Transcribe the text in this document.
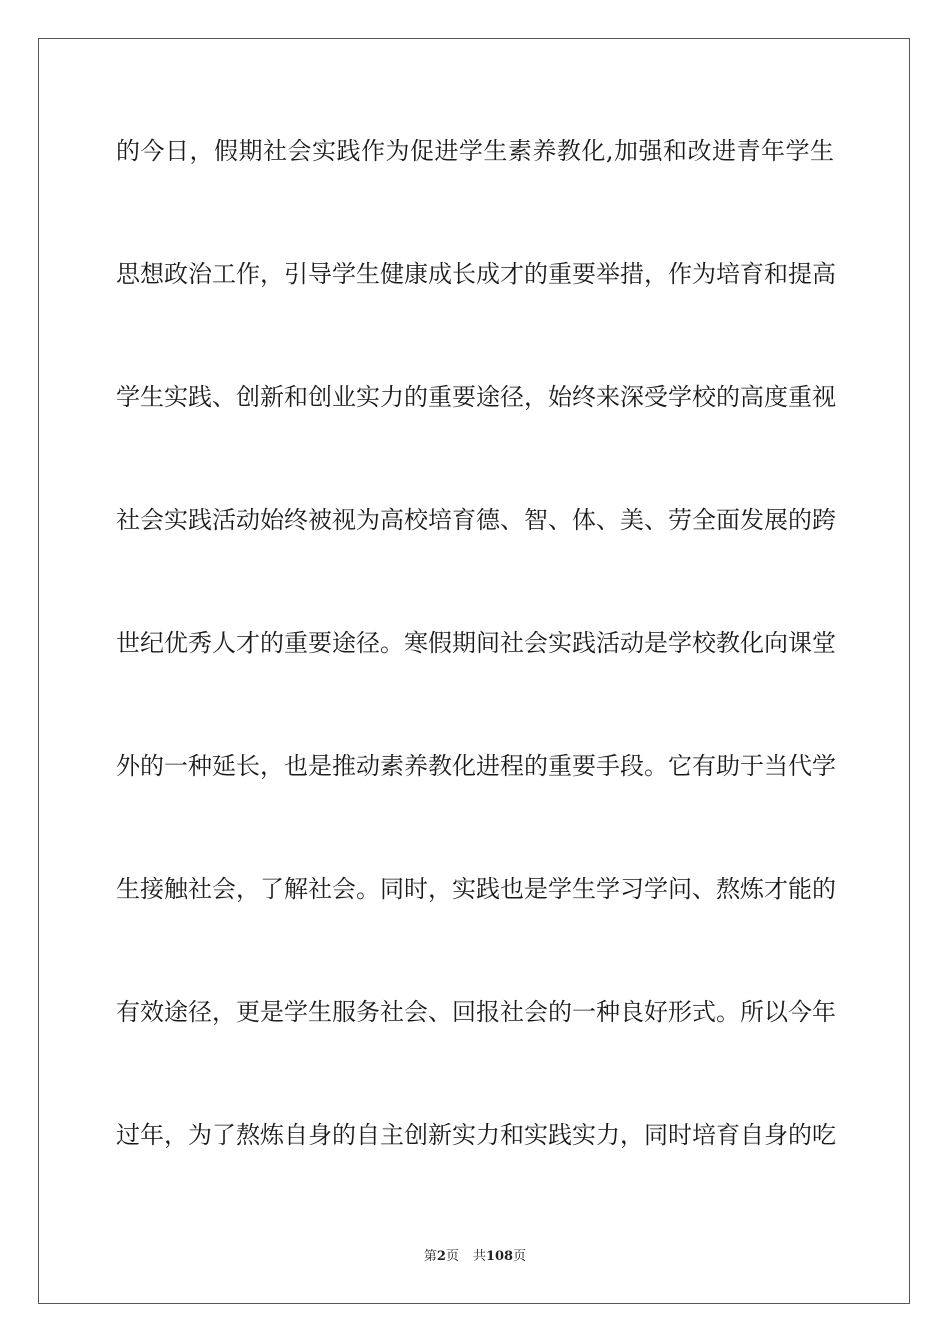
的今日，假期社会实践作为促进学生素养教化,加强和改进青年学生
思想政治工作，引导学生健康成长成才的重要举措，作为培育和提高
学生实践、创新和创业实力的重要途径，始终来深受学校的高度重视
社会实践活动始终被视为高校培育德、智、体、美、劳全面发展的跨
世纪优秀人才的重要途径。寒假期间社会实践活动是学校教化向课堂
外的一种延长，也是推动素养教化进程的重要手段。它有助于当代学
生接触社会，了解社会。同时，实践也是学生学习学问、熬炼才能的
有效途径，更是学生服务社会、回报社会的一种良好形式。所以今年
过年，为了熬炼自身的自主创新实力和实践实力，同时培育自身的吃
第2页 共108页
